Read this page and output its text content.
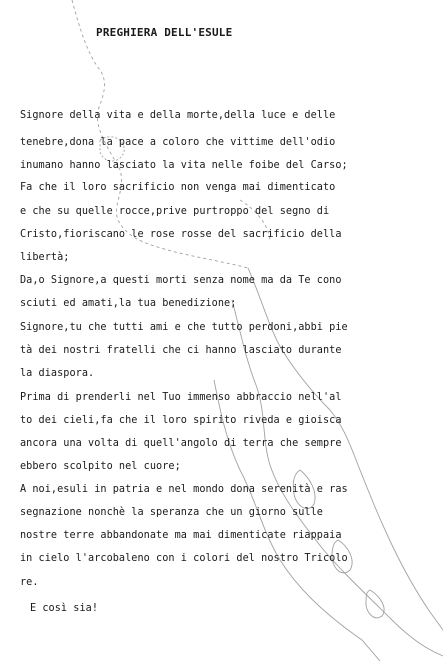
PREGHIERA DELL'ESULE
Signore della vita e della morte,della luce e delle
tenebre,dona la pace a coloro che vittime dell'odio
inumano hanno lasciato la vita nelle foibe del Carso;
Fa che il loro sacrificio non venga mai dimenticato
e che su quelle rocce,prive purtroppo del segno di
Cristo,fioriscano le rose rosse del sacrificio della
libertà;
Da,o Signore,a questi morti senza nome ma da Te cono
sciuti ed amati,la tua benedizione;
Signore,tu che tutti ami e che tutto perdoni,abbi pie
tà dei nostri fratelli che ci hanno lasciato durante
la diaspora.
Prima di prenderli nel Tuo immenso abbraccio nell'al
to dei cieli,fa che il loro spirito riveda e gioisca
ancora una volta di quell'angolo di terra che sempre
ebbero scolpito nel cuore;
A noi,esuli in patria e nel mondo dona serenità e ras
segnazione nonchè la speranza che un giorno sulle
nostre terre abbandonate ma mai dimenticate riappaia
in cielo l'arcobaleno con i colori del nostro Tricolo
re.
E così sia!
